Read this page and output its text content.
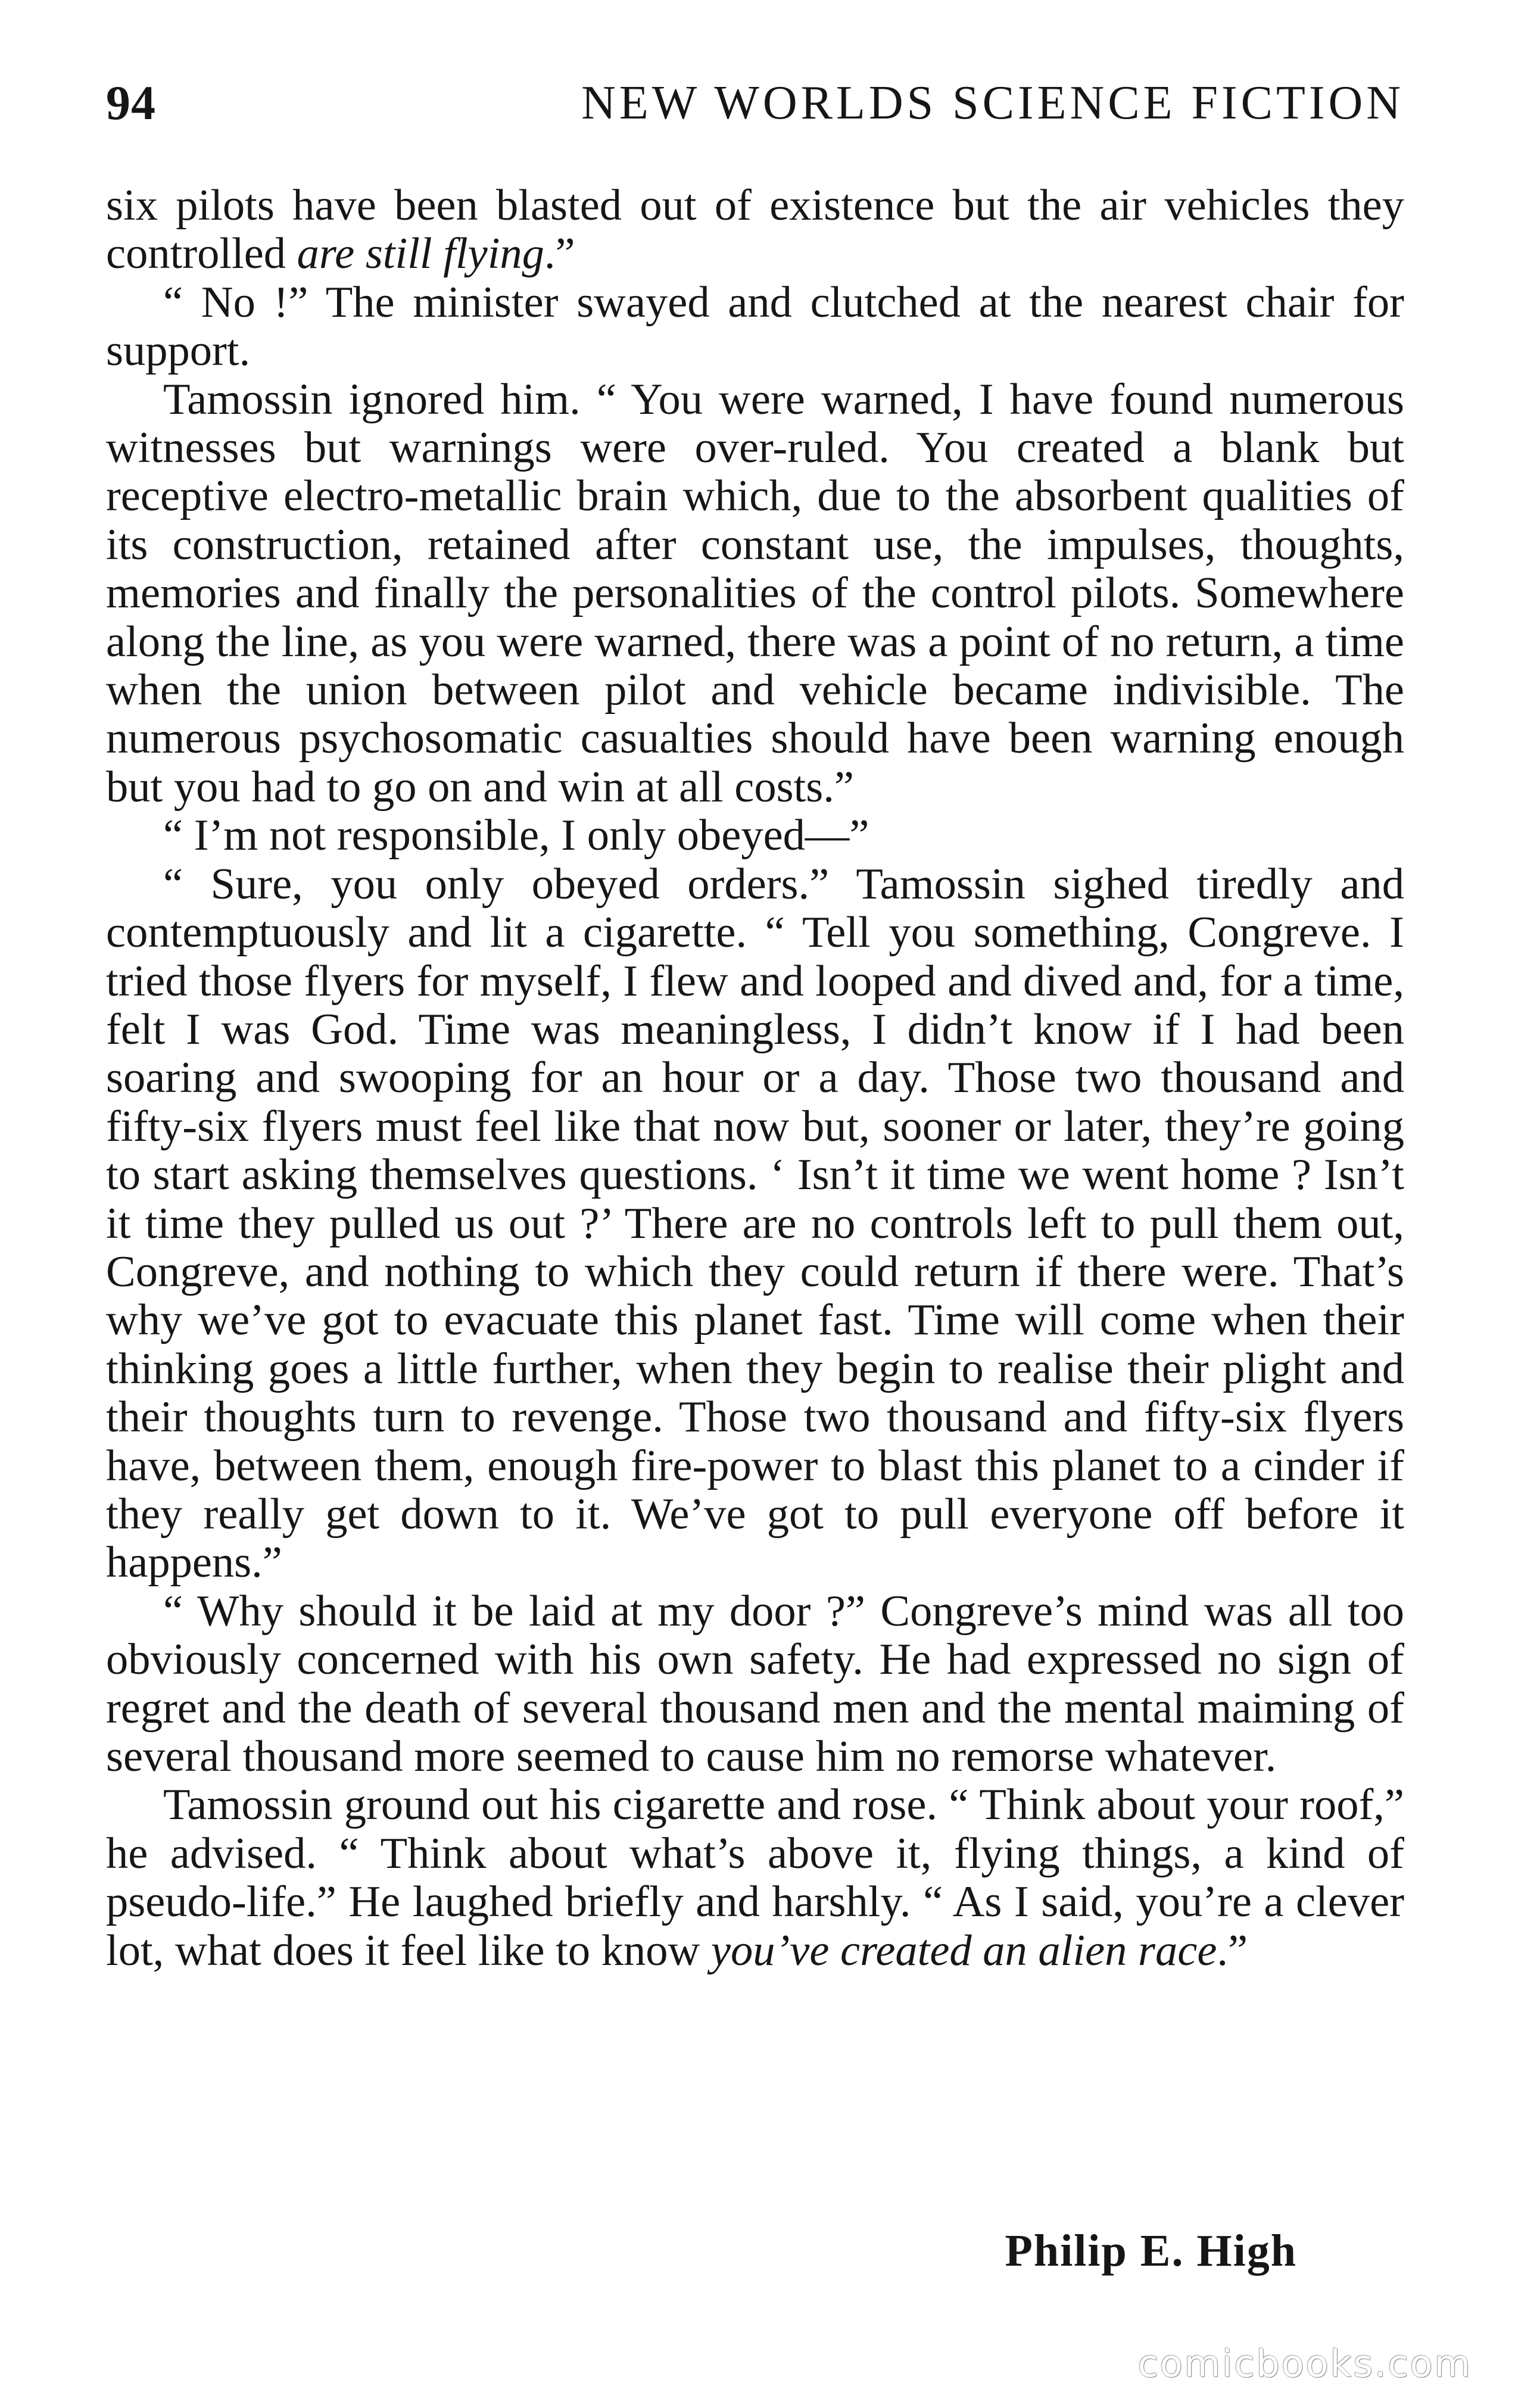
94	NEW WORLDS SCIENCE FICTION

six pilots have been blasted out of existence but the air vehicles they controlled are still flying.”

“ No !” The minister swayed and clutched at the nearest chair for support.

Tamossin ignored him. “ You were warned, I have found numerous witnesses but warnings were over-ruled. You created a blank but receptive electro-metallic brain which, due to the absorbent qualities of its construction, retained after constant use, the impulses, thoughts, memories and finally the personalities of the control pilots. Somewhere along the line, as you were warned, there was a point of no return, a time when the union between pilot and vehicle became indivisible. The numerous psychosomatic casualties should have been warning enough but you had to go on and win at all costs.”

“ I’m not responsible, I only obeyed—”

“ Sure, you only obeyed orders.” Tamossin sighed tiredly and contemptuously and lit a cigarette. “ Tell you something, Congreve. I tried those flyers for myself, I flew and looped and dived and, for a time, felt I was God. Time was meaningless, I didn’t know if I had been soaring and swooping for an hour or a day. Those two thousand and fifty-six flyers must feel like that now but, sooner or later, they’re going to start asking themselves questions. ‘ Isn’t it time we went home ? Isn’t it time they pulled us out ?’ There are no controls left to pull them out, Congreve, and nothing to which they could return if there were. That’s why we’ve got to evacuate this planet fast. Time will come when their thinking goes a little further, when they begin to realise their plight and their thoughts turn to revenge. Those two thousand and fifty-six flyers have, between them, enough fire-power to blast this planet to a cinder if they really get down to it. We’ve got to pull everyone off before it happens.”

“ Why should it be laid at my door ?” Congreve’s mind was all too obviously concerned with his own safety. He had expressed no sign of regret and the death of several thousand men and the mental maiming of several thousand more seemed to cause him no remorse whatever.

Tamossin ground out his cigarette and rose. “ Think about your roof,” he advised. “ Think about what’s above it, flying things, a kind of pseudo-life.” He laughed briefly and harshly. “ As I said, you’re a clever lot, what does it feel like to know you’ve created an alien race.”

Philip E. High
comicbooks.com
